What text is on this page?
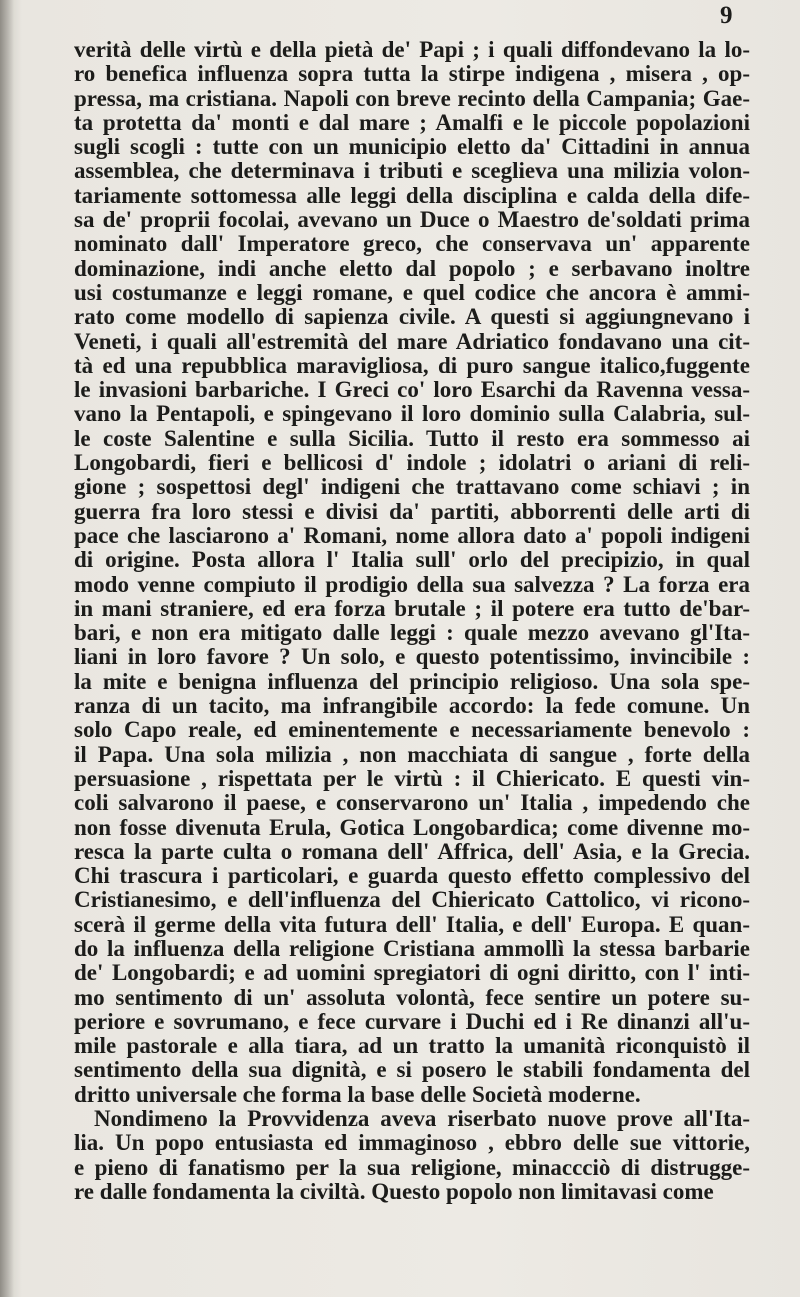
9
verità delle virtù e della pietà de' Papi ; i quali diffondevano la lo-
ro benefica influenza sopra tutta la stirpe indigena , misera , op-
pressa, ma cristiana. Napoli con breve recinto della Campania; Gae-
ta protetta da' monti e dal mare ; Amalfi e le piccole popolazioni
sugli scogli : tutte con un municipio eletto da' Cittadini in annua
assemblea, che determinava i tributi e sceglieva una milizia volon-
tariamente sottomessa alle leggi della disciplina e calda della dife-
sa de' proprii focolai, avevano un Duce o Maestro de'soldati prima
nominato dall' Imperatore greco, che conservava un' apparente
dominazione, indi anche eletto dal popolo ; e serbavano inoltre
usi costumanze e leggi romane, e quel codice che ancora è ammi-
rato come modello di sapienza civile. A questi si aggiungnevano i
Veneti, i quali all'estremità del mare Adriatico fondavano una cit-
tà ed una repubblica maravigliosa, di puro sangue italico,fuggente
le invasioni barbariche. I Greci co' loro Esarchi da Ravenna vessa-
vano la Pentapoli, e spingevano il loro dominio sulla Calabria, sul-
le coste Salentine e sulla Sicilia. Tutto il resto era sommesso ai
Longobardi, fieri e bellicosi d' indole ; idolatri o ariani di reli-
gione ; sospettosi degl' indigeni che trattavano come schiavi ; in
guerra fra loro stessi e divisi da' partiti, abborrenti delle arti di
pace che lasciarono a' Romani, nome allora dato a' popoli indigeni
di origine. Posta allora l' Italia sull' orlo del precipizio, in qual
modo venne compiuto il prodigio della sua salvezza ? La forza era
in mani straniere, ed era forza brutale ; il potere era tutto de'bar-
bari, e non era mitigato dalle leggi : quale mezzo avevano gl'Ita-
liani in loro favore ? Un solo, e questo potentissimo, invincibile :
la mite e benigna influenza del principio religioso. Una sola spe-
ranza di un tacito, ma infrangibile accordo: la fede comune. Un
solo Capo reale, ed eminentemente e necessariamente benevolo :
il Papa. Una sola milizia , non macchiata di sangue , forte della
persuasione , rispettata per le virtù : il Chiericato. E questi vin-
coli salvarono il paese, e conservarono un' Italia , impedendo che
non fosse divenuta Erula, Gotica Longobardica; come divenne mo-
resca la parte culta o romana dell' Affrica, dell' Asia, e la Grecia.
Chi trascura i particolari, e guarda questo effetto complessivo del
Cristianesimo, e dell'influenza del Chiericato Cattolico, vi ricono-
scerà il germe della vita futura dell' Italia, e dell' Europa. E quan-
do la influenza della religione Cristiana ammollì la stessa barbarie
de' Longobardi; e ad uomini spregiatori di ogni diritto, con l' inti-
mo sentimento di un' assoluta volontà, fece sentire un potere su-
periore e sovrumano, e fece curvare i Duchi ed i Re dinanzi all'u-
mile pastorale e alla tiara, ad un tratto la umanità riconquistò il
sentimento della sua dignità, e si posero le stabili fondamenta del
dritto universale che forma la base delle Società moderne.
Nondimeno la Provvidenza aveva riserbato nuove prove all'Ita-
lia. Un popo entusiasta ed immaginoso , ebbro delle sue vittorie,
e pieno di fanatismo per la sua religione, minaccciò di distrugge-
re dalle fondamenta la civiltà. Questo popolo non limitavasi come
